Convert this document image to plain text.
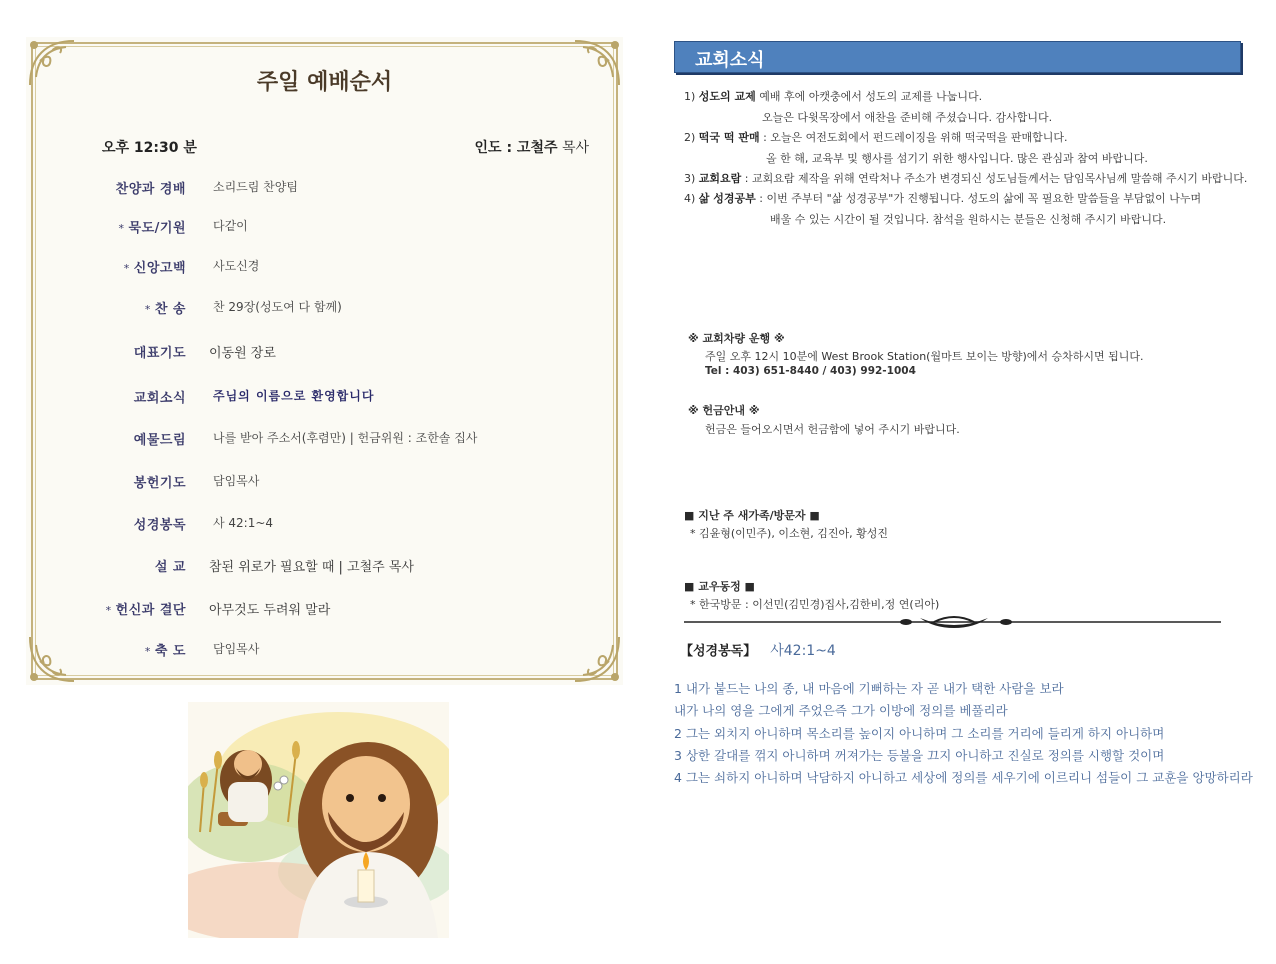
주일 예배순서
오후 12:30 분	인도 : 고철주 목사
찬양과 경배 소리드림 찬양팀
* 묵도/기원 다같이
* 신앙고백 사도신경
* 찬 송 찬 29장(성도여 다 함께)
대표기도 이동원 장로
교회소식 주님의 이름으로 환영합니다
예물드림 나를 받아 주소서(후렴만) | 헌금위원 : 조한솔 집사
봉헌기도 담임목사
성경봉독 사 42:1~4
설 교 참된 위로가 필요할 때 | 고철주 목사
* 헌신과 결단 아무것도 두려워 말라
* 축 도 담임목사
교회소식
1) 성도의 교제 예배 후에 아캣충에서 성도의 교제를 나눕니다.
오늘은 다윗목장에서 애찬을 준비해 주셨습니다. 감사합니다.
2) 떡국 떡 판매 : 오늘은 여전도회에서 펀드레이징을 위해 떡국떡을 판매합니다.
올 한 해, 교육부 및 행사를 섬기기 위한 행사입니다. 많은 관심과 참여 바랍니다.
3) 교회요람 : 교회요람 제작을 위해 연락처나 주소가 변경되신 성도님들께서는 담임목사님께 말씀해 주시기 바랍니다.
4) 삶 성경공부 : 이번 주부터 "삶 성경공부"가 진행됩니다. 성도의 삶에 꼭 필요한 말씀들을 부담없이 나누며
배울 수 있는 시간이 될 것입니다. 참석을 원하시는 분들은 신청해 주시기 바랍니다.
※ 교회차량 운행 ※
주일 오후 12시 10분에 West Brook Station(월마트 보이는 방향)에서 승차하시면 됩니다.
Tel : 403) 651-8440 / 403) 992-1004
※ 헌금안내 ※
헌금은 들어오시면서 헌금함에 넣어 주시기 바랍니다.
■ 지난 주 새가족/방문자 ■
* 김윤형(이민주), 이소현, 김진아, 황성진
■ 교우동정 ■
* 한국방문 : 이선민(김민경)집사,김한비,정 연(리아)
【성경봉독】 사42:1~4
1 내가 붙드는 나의 종, 내 마음에 기뻐하는 자 곧 내가 택한 사람을 보라
내가 나의 영을 그에게 주었은즉 그가 이방에 정의를 베풀리라
2 그는 외치지 아니하며 목소리를 높이지 아니하며 그 소리를 거리에 들리게 하지 아니하며
3 상한 갈대를 꺾지 아니하며 꺼져가는 등불을 끄지 아니하고 진실로 정의를 시행할 것이며
4 그는 쇠하지 아니하며 낙담하지 아니하고 세상에 정의를 세우기에 이르리니 섬들이 그 교훈을 앙망하리라
